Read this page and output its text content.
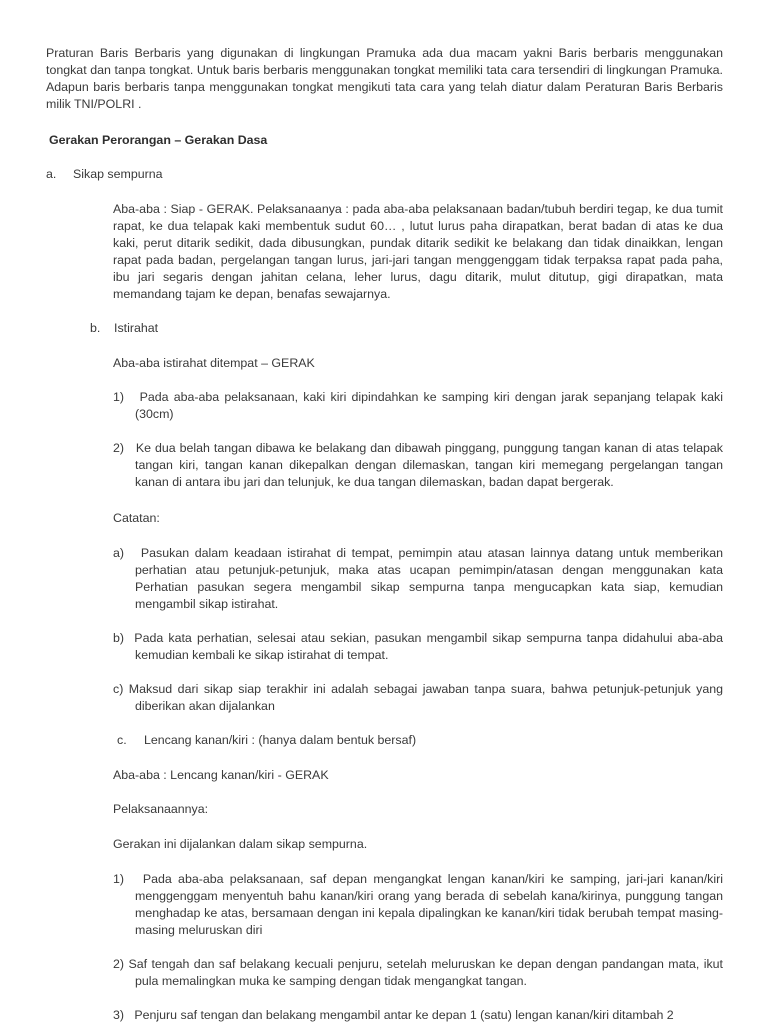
Praturan Baris Berbaris yang digunakan di lingkungan Pramuka ada dua macam yakni Baris berbaris menggunakan tongkat dan tanpa tongkat. Untuk baris berbaris menggunakan tongkat memiliki tata cara tersendiri di lingkungan Pramuka. Adapun baris berbaris tanpa menggunakan tongkat mengikuti tata cara yang telah diatur dalam Peraturan Baris Berbaris milik TNI/POLRI .

Gerakan Perorangan – Gerakan Dasa

a.	Sikap sempurna

Aba-aba : Siap - GERAK. Pelaksanaanya : pada aba-aba pelaksanaan badan/tubuh berdiri tegap, ke dua tumit rapat, ke dua telapak kaki membentuk sudut 60… , lutut lurus paha dirapatkan, berat badan di atas ke dua kaki, perut ditarik sedikit, dada dibusungkan, pundak ditarik sedikit ke belakang dan tidak dinaikkan, lengan rapat pada badan, pergelangan tangan lurus, jari-jari tangan menggenggam tidak terpaksa rapat pada paha, ibu jari segaris dengan jahitan celana, leher lurus, dagu ditarik, mulut ditutup, gigi dirapatkan, mata memandang tajam ke depan, benafas sewajarnya.

b.	Istirahat

Aba-aba istirahat ditempat – GERAK

1)   Pada aba-aba pelaksanaan, kaki kiri dipindahkan ke samping kiri dengan jarak sepanjang telapak kaki (30cm)

2)   Ke dua belah tangan dibawa ke belakang dan dibawah pinggang, punggung tangan kanan di atas telapak tangan kiri, tangan kanan dikepalkan dengan dilemaskan, tangan kiri memegang pergelangan tangan kanan di antara ibu jari dan telunjuk, ke dua tangan dilemaskan, badan dapat bergerak.

Catatan:

a)   Pasukan dalam keadaan istirahat di tempat, pemimpin atau atasan lainnya datang untuk memberikan perhatian atau petunjuk-petunjuk, maka atas ucapan pemimpin/atasan dengan menggunakan kata Perhatian pasukan segera mengambil sikap sempurna tanpa mengucapkan kata siap, kemudian mengambil sikap istirahat.

b)  Pada kata perhatian, selesai atau sekian, pasukan mengambil sikap sempurna tanpa didahului aba-aba kemudian kembali ke sikap istirahat di tempat.

c) Maksud dari sikap siap terakhir ini adalah sebagai jawaban tanpa suara, bahwa petunjuk-petunjuk yang diberikan akan dijalankan

c.	Lencang kanan/kiri : (hanya dalam bentuk bersaf)

Aba-aba : Lencang kanan/kiri - GERAK

Pelaksanaannya:

Gerakan ini dijalankan dalam sikap sempurna.

1)   Pada aba-aba pelaksanaan, saf depan mengangkat lengan kanan/kiri ke samping, jari-jari kanan/kiri menggenggam menyentuh bahu kanan/kiri orang yang berada di sebelah kana/kirinya, punggung tangan menghadap ke atas, bersamaan dengan ini kepala dipalingkan ke kanan/kiri tidak berubah tempat masing-masing meluruskan diri

2) Saf tengah dan saf belakang kecuali penjuru, setelah meluruskan ke depan dengan pandangan mata, ikut pula memalingkan muka ke samping dengan tidak mengangkat tangan.

3)   Penjuru saf tengan dan belakang mengambil antar ke depan 1 (satu) lengan kanan/kiri ditambah 2
